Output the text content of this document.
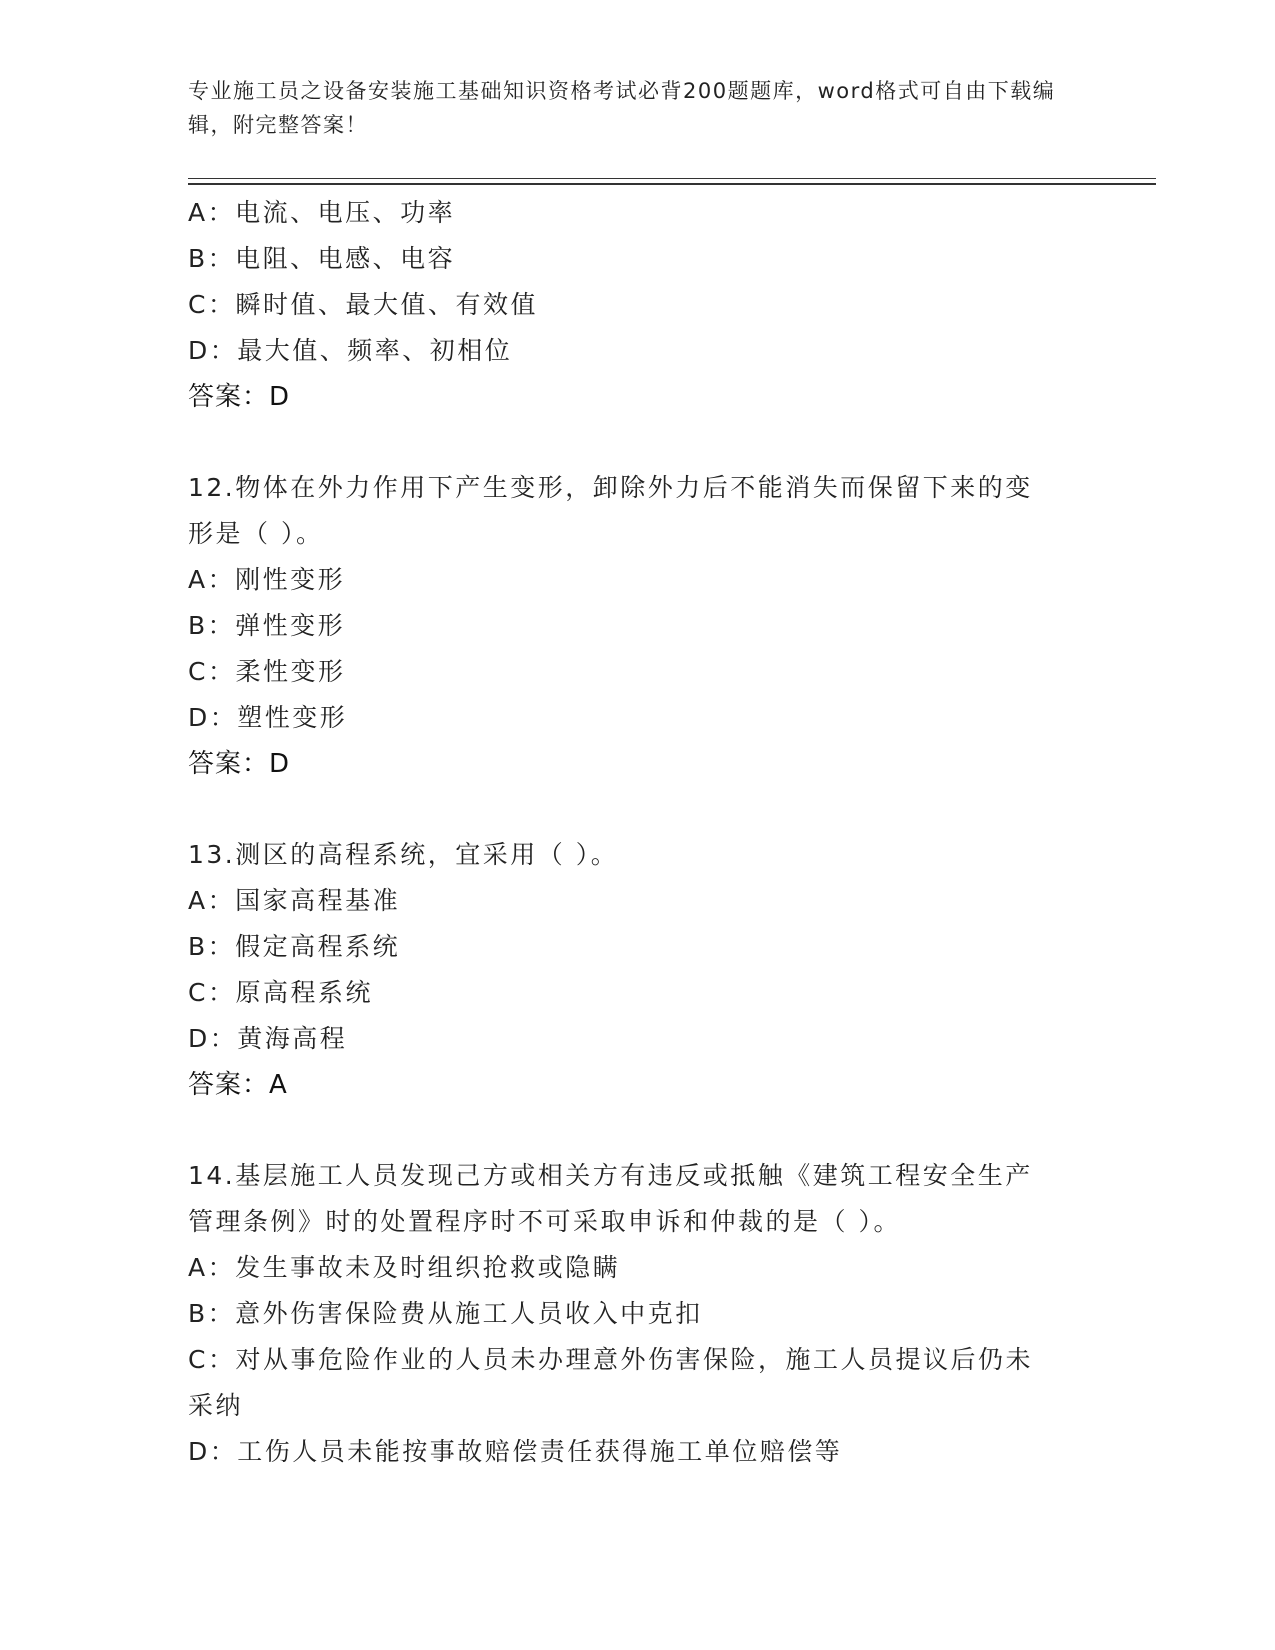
专业施工员之设备安装施工基础知识资格考试必背200题题库，word格式可自由下载编辑，附完整答案！
A：电流、电压、功率
B：电阻、电感、电容
C：瞬时值、最大值、有效值
D：最大值、频率、初相位
答案：D
12.物体在外力作用下产生变形，卸除外力后不能消失而保留下来的变
形是（ ）。
A：刚性变形
B：弹性变形
C：柔性变形
D：塑性变形
答案：D
13.测区的高程系统，宜采用（ ）。
A：国家高程基准
B：假定高程系统
C：原高程系统
D：黄海高程
答案：A
14.基层施工人员发现己方或相关方有违反或抵触《建筑工程安全生产
管理条例》时的处置程序时不可采取申诉和仲裁的是（ ）。
A：发生事故未及时组织抢救或隐瞒
B：意外伤害保险费从施工人员收入中克扣
C：对从事危险作业的人员未办理意外伤害保险，施工人员提议后仍未
采纳
D：工伤人员未能按事故赔偿责任获得施工单位赔偿等
